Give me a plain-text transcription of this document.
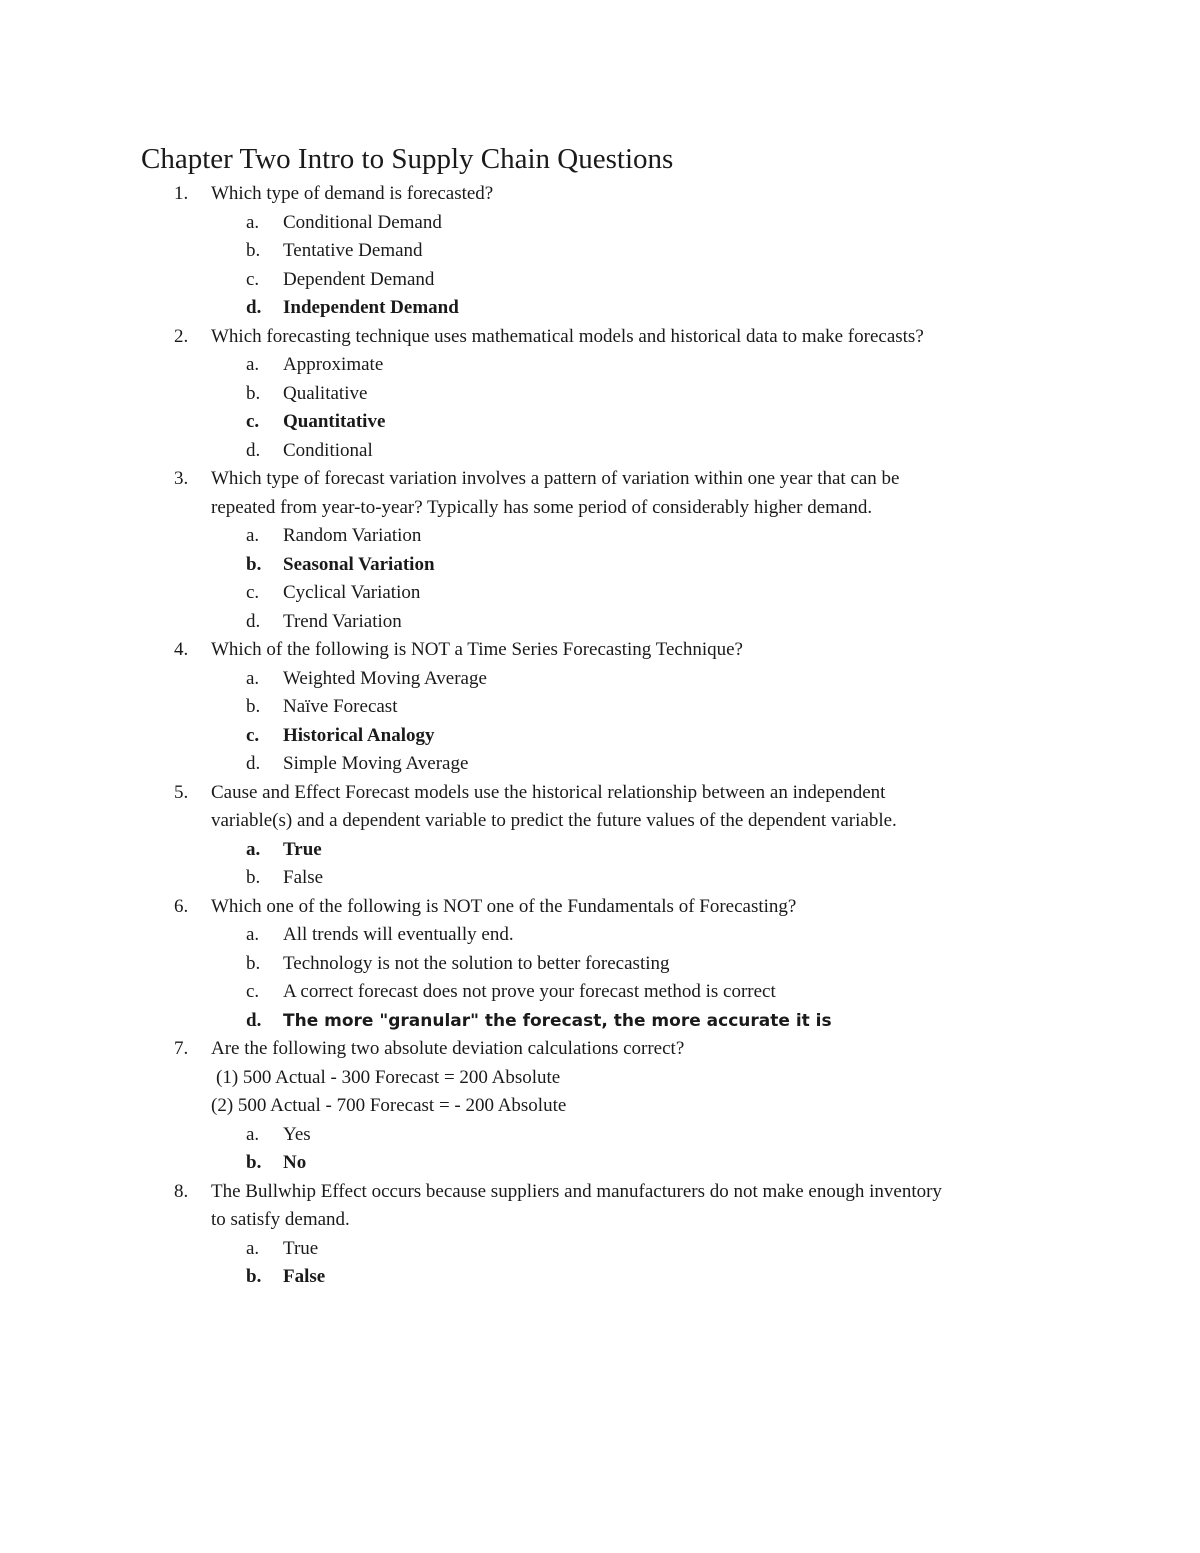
Chapter Two Intro to Supply Chain Questions
1. Which type of demand is forecasted?
a. Conditional Demand
b. Tentative Demand
c. Dependent Demand
d. Independent Demand
2. Which forecasting technique uses mathematical models and historical data to make forecasts?
a. Approximate
b. Qualitative
c. Quantitative
d. Conditional
3. Which type of forecast variation involves a pattern of variation within one year that can be
repeated from year-to-year? Typically has some period of considerably higher demand.
a. Random Variation
b. Seasonal Variation
c. Cyclical Variation
d. Trend Variation
4. Which of the following is NOT a Time Series Forecasting Technique?
a. Weighted Moving Average
b. Naïve Forecast
c. Historical Analogy
d. Simple Moving Average
5. Cause and Effect Forecast models use the historical relationship between an independent
variable(s) and a dependent variable to predict the future values of the dependent variable.
a. True
b. False
6. Which one of the following is NOT one of the Fundamentals of Forecasting?
a. All trends will eventually end.
b. Technology is not the solution to better forecasting
c. A correct forecast does not prove your forecast method is correct
d. The more "granular" the forecast, the more accurate it is
7. Are the following two absolute deviation calculations correct?
(1) 500 Actual - 300 Forecast = 200 Absolute
(2) 500 Actual - 700 Forecast = - 200 Absolute
a. Yes
b. No
8. The Bullwhip Effect occurs because suppliers and manufacturers do not make enough inventory
to satisfy demand.
a. True
b. False
